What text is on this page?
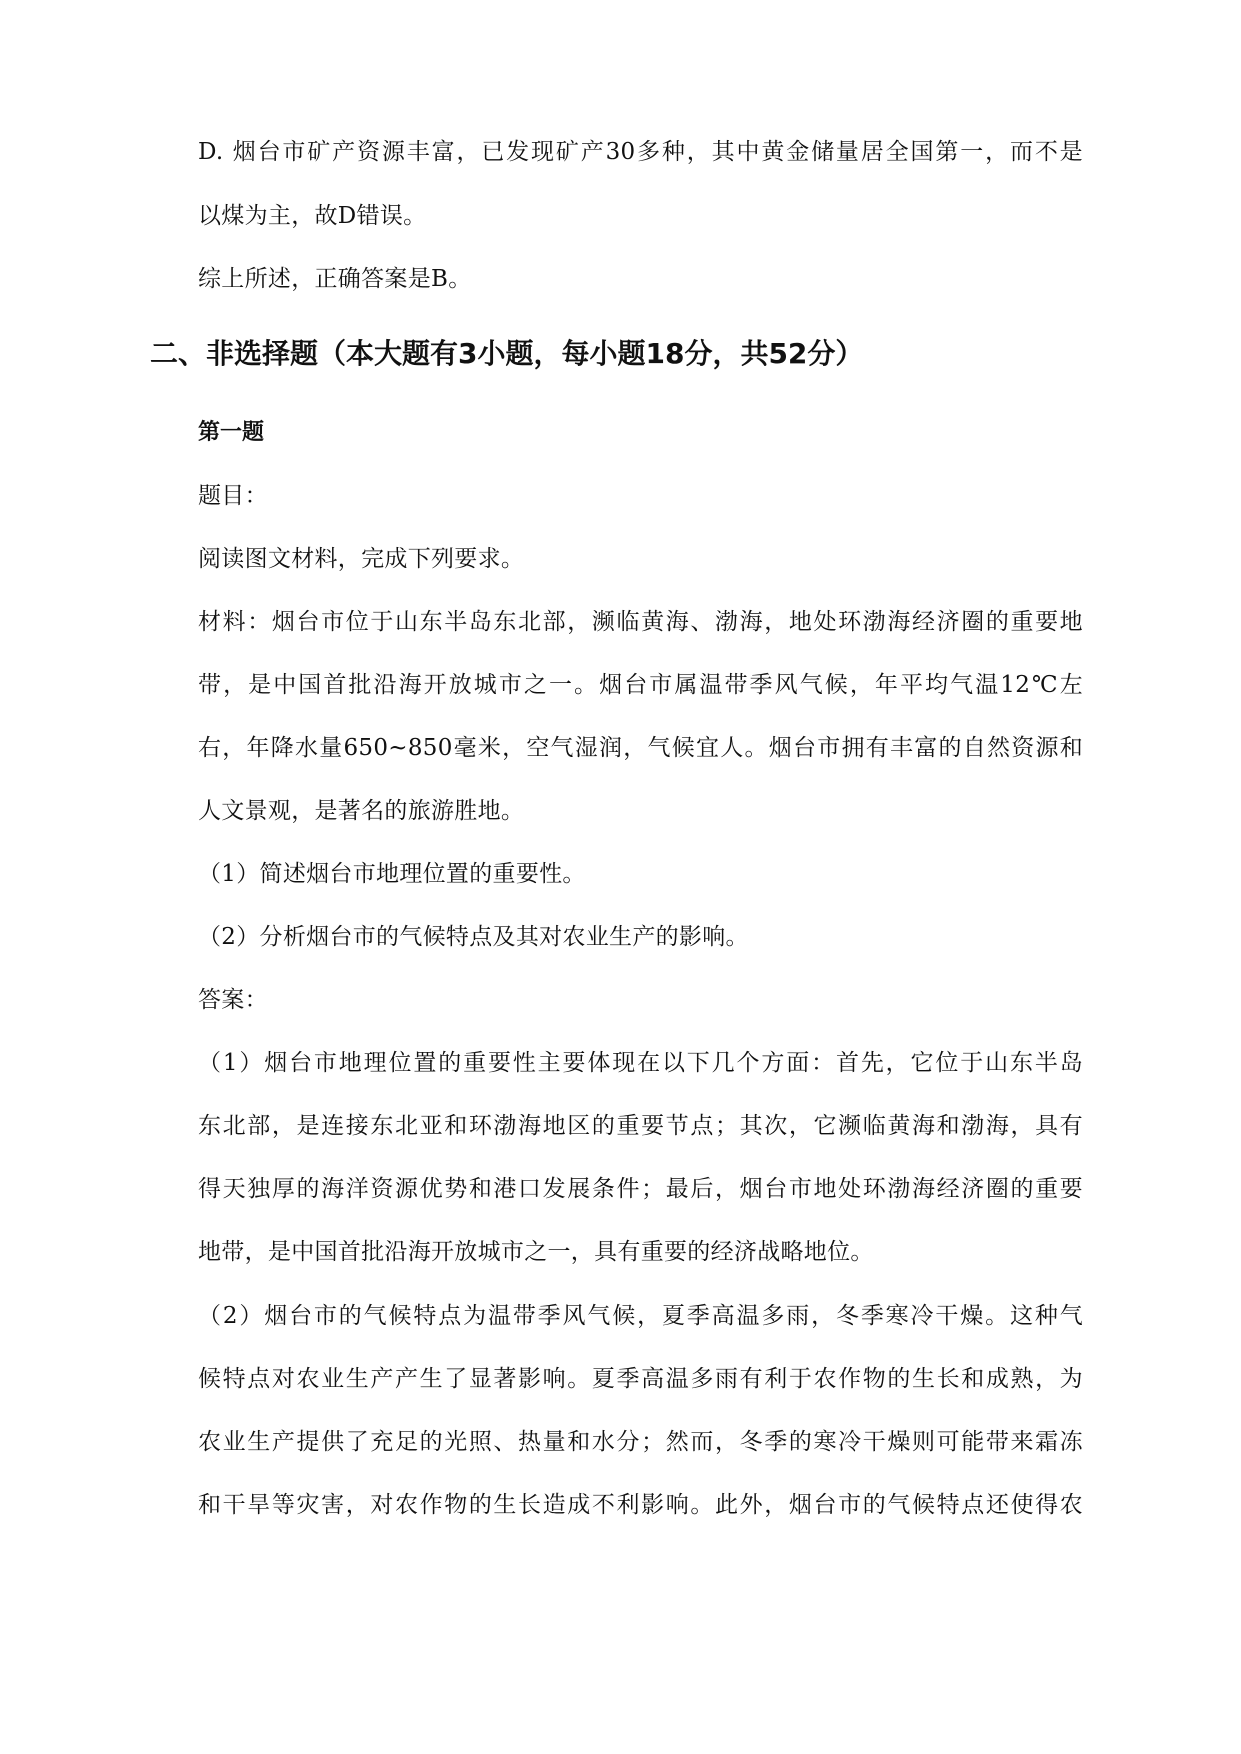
D. 烟台市矿产资源丰富，已发现矿产30多种，其中黄金储量居全国第一，而不是
以煤为主，故D错误。
综上所述，正确答案是B。
二、非选择题（本大题有3小题，每小题18分，共52分）
第一题
题目：
阅读图文材料，完成下列要求。
材料：烟台市位于山东半岛东北部，濒临黄海、渤海，地处环渤海经济圈的重要地
带，是中国首批沿海开放城市之一。烟台市属温带季风气候，年平均气温12℃左
右，年降水量650~850毫米，空气湿润，气候宜人。烟台市拥有丰富的自然资源和
人文景观，是著名的旅游胜地。
（1）简述烟台市地理位置的重要性。
（2）分析烟台市的气候特点及其对农业生产的影响。
答案：
（1）烟台市地理位置的重要性主要体现在以下几个方面：首先，它位于山东半岛
东北部，是连接东北亚和环渤海地区的重要节点；其次，它濒临黄海和渤海，具有
得天独厚的海洋资源优势和港口发展条件；最后，烟台市地处环渤海经济圈的重要
地带，是中国首批沿海开放城市之一，具有重要的经济战略地位。
（2）烟台市的气候特点为温带季风气候，夏季高温多雨，冬季寒冷干燥。这种气
候特点对农业生产产生了显著影响。夏季高温多雨有利于农作物的生长和成熟，为
农业生产提供了充足的光照、热量和水分；然而，冬季的寒冷干燥则可能带来霜冻
和干旱等灾害，对农作物的生长造成不利影响。此外，烟台市的气候特点还使得农
